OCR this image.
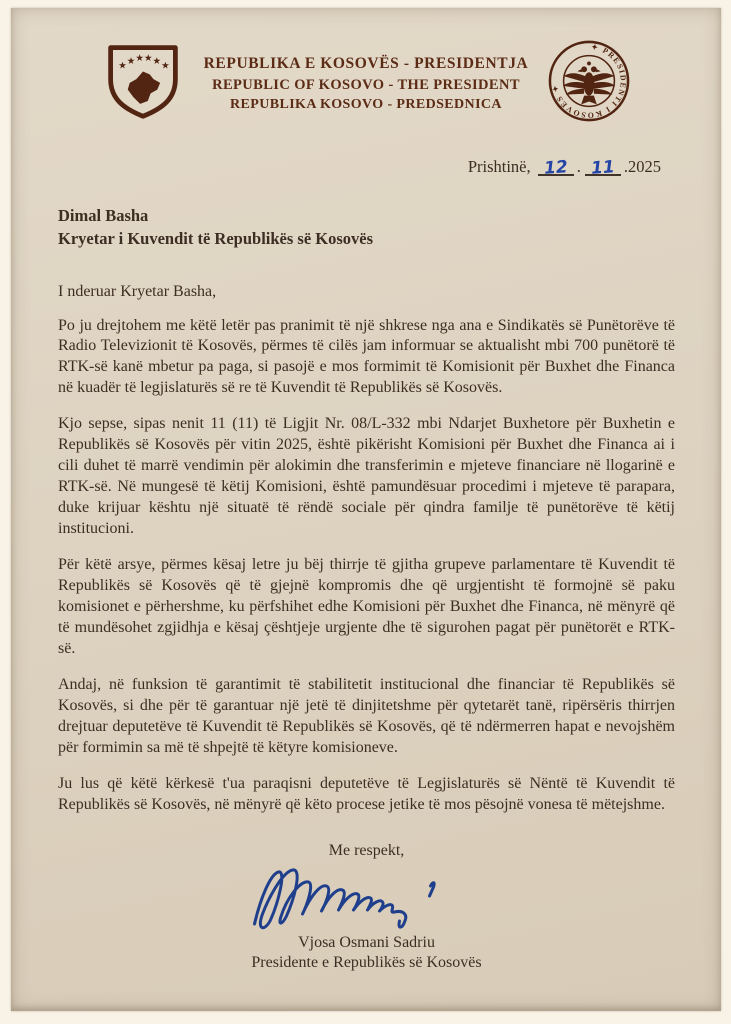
★ ★ ★ ★ ★ ★ REPUBLIKA E KOSOVËS - PRESIDENTJA
REPUBLIC OF KOSOVO - THE PRESIDENT
REPUBLIKA KOSOVO - PREDSEDNICA
✦ PRESIDENTI I KOSOVËS ✦
Prishtinë, 12 . 11 .2025
Dimal Basha
Kryetar i Kuvendit të Republikës së Kosovës

I nderuar Kryetar Basha,

Po ju drejtohem me këtë letër pas pranimit të një shkrese nga ana e Sindikatës së Punëtorëve të Radio Televizionit të Kosovës, përmes të cilës jam informuar se aktualisht mbi 700 punëtorë të RTK-së kanë mbetur pa paga, si pasojë e mos formimit të Komisionit për Buxhet dhe Financa në kuadër të legjislaturës së re të Kuvendit të Republikës së Kosovës.

Kjo sepse, sipas nenit 11 (11) të Ligjit Nr. 08/L-332 mbi Ndarjet Buxhetore për Buxhetin e Republikës së Kosovës për vitin 2025, është pikërisht Komisioni për Buxhet dhe Financa ai i cili duhet të marrë vendimin për alokimin dhe transferimin e mjeteve financiare në llogarinë e RTK-së. Në mungesë të këtij Komisioni, është pamundësuar procedimi i mjeteve të parapara, duke krijuar kështu një situatë të rëndë sociale për qindra familje të punëtorëve të këtij institucioni.

Për këtë arsye, përmes kësaj letre ju bëj thirrje të gjitha grupeve parlamentare të Kuvendit të Republikës së Kosovës që të gjejnë kompromis dhe që urgjentisht të formojnë së paku komisionet e përhershme, ku përfshihet edhe Komisioni për Buxhet dhe Financa, në mënyrë që të mundësohet zgjidhja e kësaj çështjeje urgjente dhe të sigurohen pagat për punëtorët e RTK-së.

Andaj, në funksion të garantimit të stabilitetit institucional dhe financiar të Republikës së Kosovës, si dhe për të garantuar një jetë të dinjitetshme për qytetarët tanë, ripërsëris thirrjen drejtuar deputetëve të Kuvendit të Republikës së Kosovës, që të ndërmerren hapat e nevojshëm për formimin sa më të shpejtë të këtyre komisioneve.

Ju lus që këtë kërkesë t'ua paraqisni deputetëve të Legjislaturës së Nëntë të Kuvendit të Republikës së Kosovës, në mënyrë që këto procese jetike të mos pësojnë vonesa të mëtejshme.

Me respekt,
Vjosa Osmani Sadriu
Presidente e Republikës së Kosovës
